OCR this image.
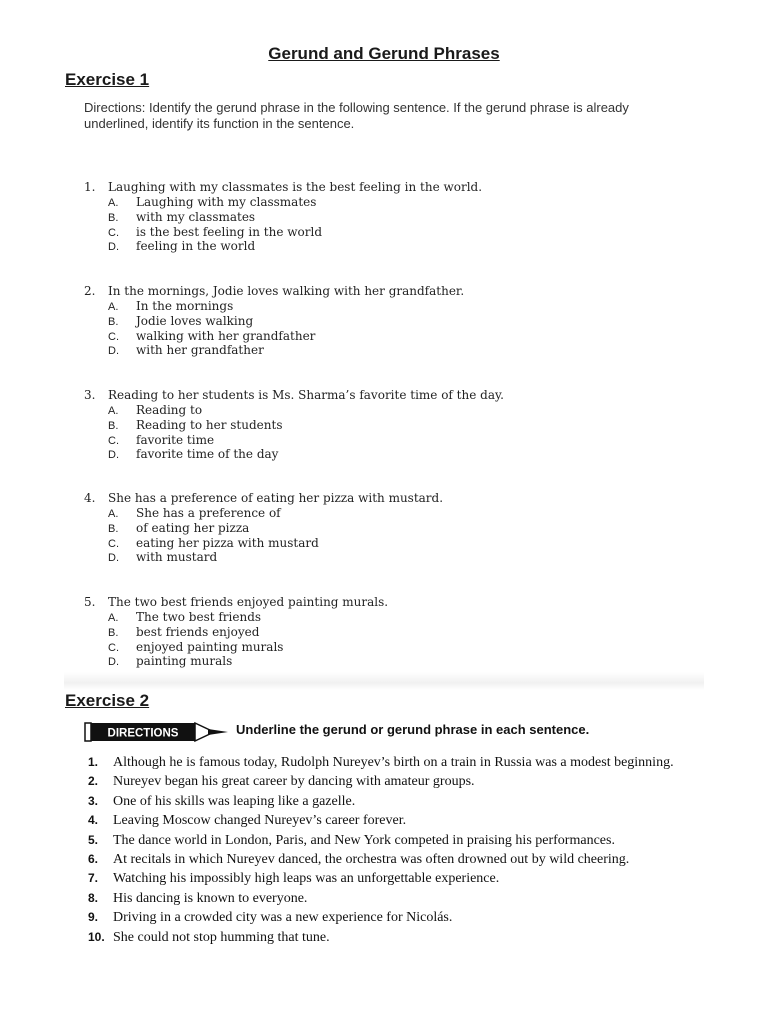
Gerund and Gerund Phrases
Exercise 1
Directions: Identify the gerund phrase in the following sentence. If the gerund phrase is already underlined, identify its function in the sentence.
1. Laughing with my classmates is the best feeling in the world.
A. Laughing with my classmates
B. with my classmates
C. is the best feeling in the world
D. feeling in the world
2. In the mornings, Jodie loves walking with her grandfather.
A. In the mornings
B. Jodie loves walking
C. walking with her grandfather
D. with her grandfather
3. Reading to her students is Ms. Sharma’s favorite time of the day.
A. Reading to
B. Reading to her students
C. favorite time
D. favorite time of the day
4. She has a preference of eating her pizza with mustard.
A. She has a preference of
B. of eating her pizza
C. eating her pizza with mustard
D. with mustard
5. The two best friends enjoyed painting murals.
A. The two best friends
B. best friends enjoyed
C. enjoyed painting murals
D. painting murals
Exercise 2
DIRECTIONS	Underline the gerund or gerund phrase in each sentence.
1.	Although he is famous today, Rudolph Nureyev’s birth on a train in Russia was a modest beginning.
2.	Nureyev began his great career by dancing with amateur groups.
3.	One of his skills was leaping like a gazelle.
4.	Leaving Moscow changed Nureyev’s career forever.
5.	The dance world in London, Paris, and New York competed in praising his performances.
6.	At recitals in which Nureyev danced, the orchestra was often drowned out by wild cheering.
7.	Watching his impossibly high leaps was an unforgettable experience.
8.	His dancing is known to everyone.
9.	Driving in a crowded city was a new experience for Nicolás.
10. She could not stop humming that tune.
